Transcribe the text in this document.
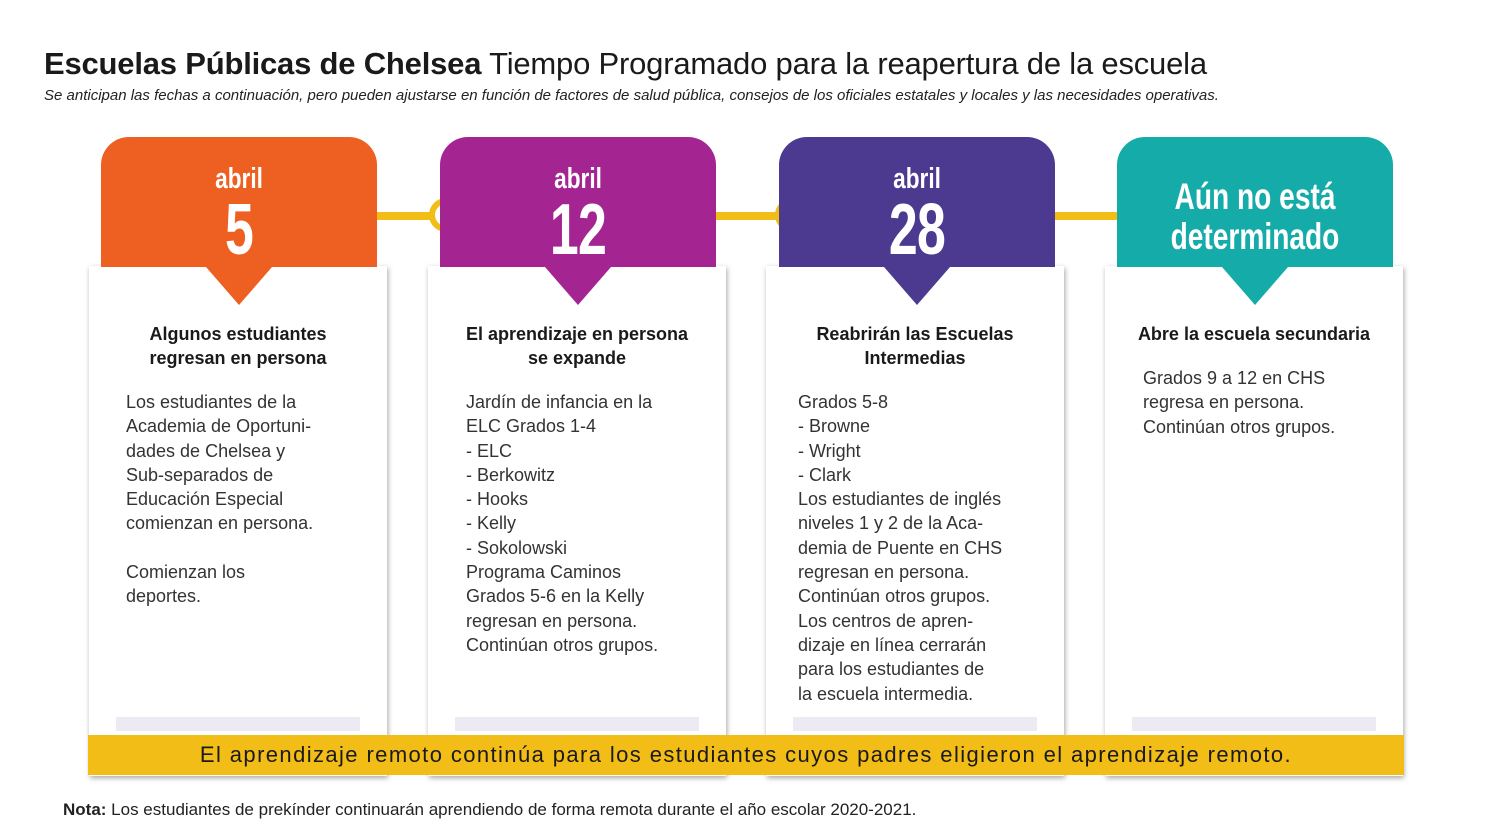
Escuelas Públicas de Chelsea Tiempo Programado para la reapertura de la escuela
Se anticipan las fechas a continuación, pero pueden ajustarse en función de factores de salud pública, consejos de los oficiales estatales y locales y las necesidades operativas.
Algunos estudiantes regresan en persona
Los estudiantes de la
Academia de Oportuni-
dades de Chelsea y
Sub-separados de
Educación Especial
comienzan en persona.

Comienzan los
deportes.
abril
5
El aprendizaje en persona se expande
Jardín de infancia en la
ELC Grados 1-4
- ELC
- Berkowitz
- Hooks
- Kelly
- Sokolowski
Programa Caminos
Grados 5-6 en la Kelly
regresan en persona.
Continúan otros grupos.
abril
12
Reabrirán las Escuelas Intermedias
Grados 5-8
- Browne
- Wright
- Clark
Los estudiantes de inglés
niveles 1 y 2 de la Aca-
demia de Puente en CHS
regresan en persona.
Continúan otros grupos.
Los centros de apren-
dizaje en línea cerrarán
para los estudiantes de
la escuela intermedia.
abril
28
Abre la escuela secundaria
Grados 9 a 12 en CHS
regresa en persona.
Continúan otros grupos.
Aún no está
determinado
El aprendizaje remoto continúa para los estudiantes cuyos padres eligieron el aprendizaje remoto.
Nota: Los estudiantes de prekínder continuarán aprendiendo de forma remota durante el año escolar 2020-2021.
